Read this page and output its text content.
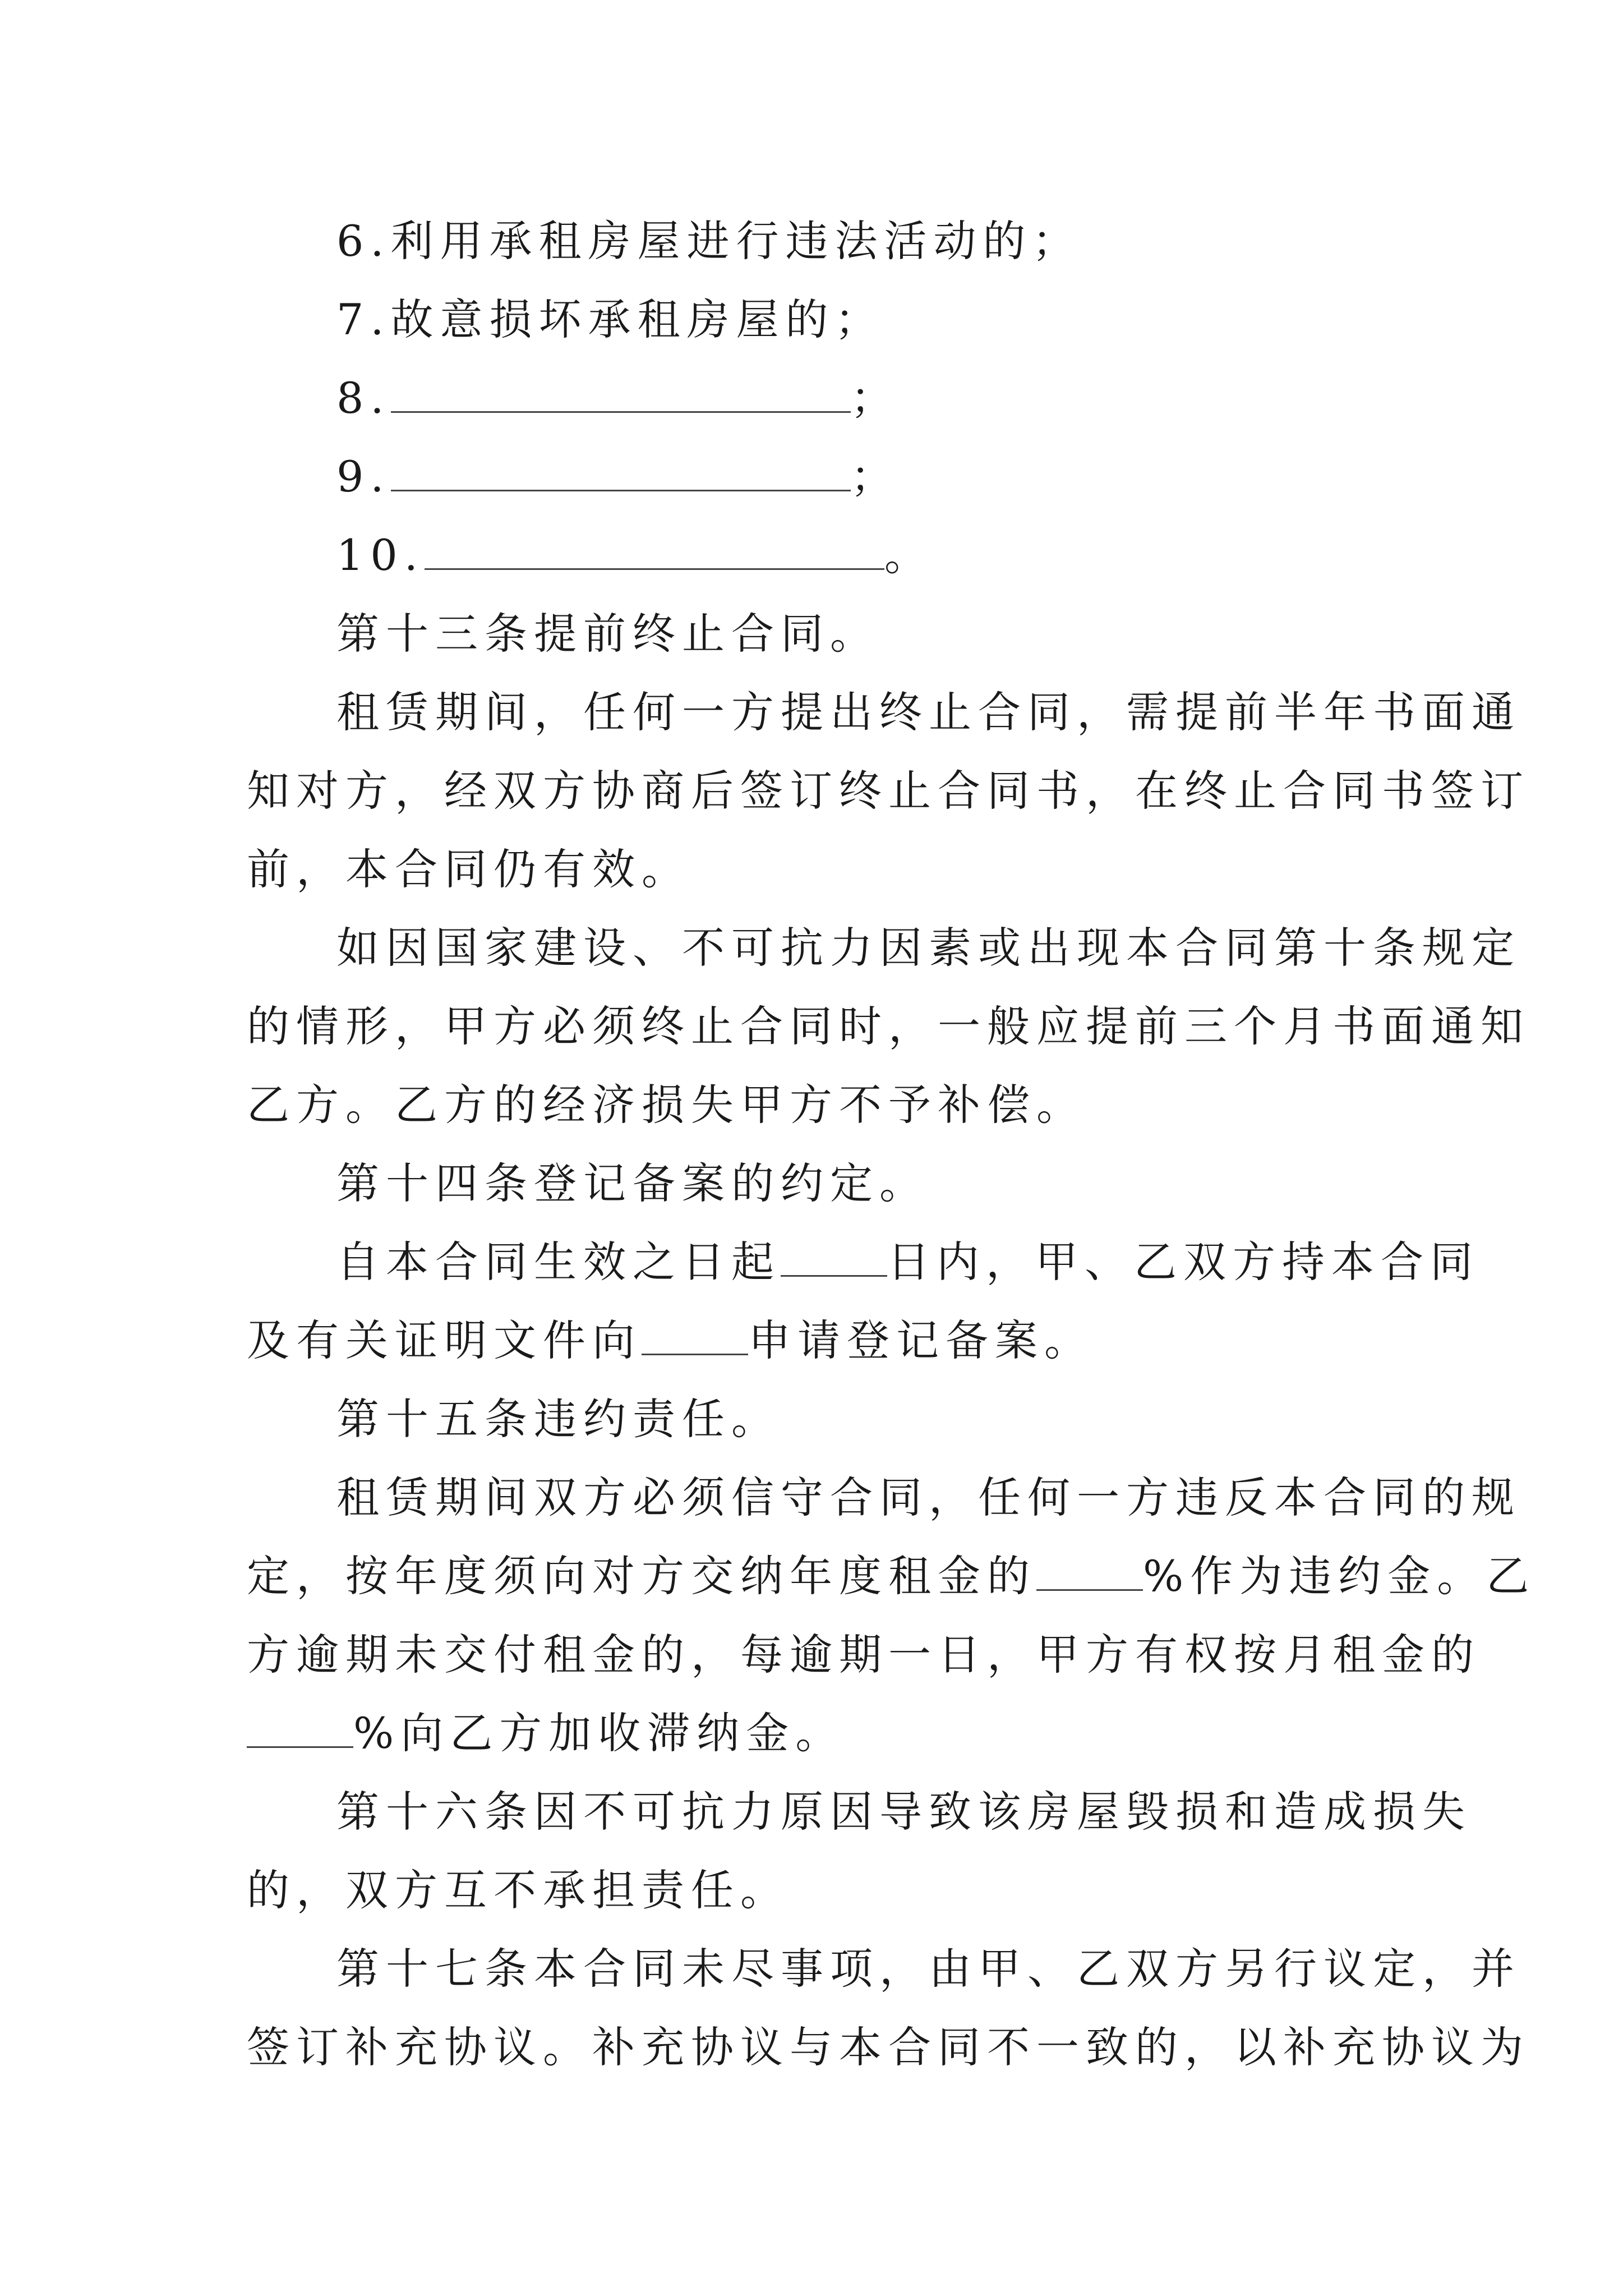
6.利用承租房屋进行违法活动的；
7.故意损坏承租房屋的；
8.	；
9.	；
10.	。
第十三条提前终止合同。
租赁期间，任何一方提出终止合同，需提前半年书面通
知对方，经双方协商后签订终止合同书，在终止合同书签订
前，本合同仍有效。
如因国家建设、不可抗力因素或出现本合同第十条规定
的情形，甲方必须终止合同时，一般应提前三个月书面通知
乙方。乙方的经济损失甲方不予补偿。
第十四条登记备案的约定。
自本合同生效之日起	日内，甲、乙双方持本合同
及有关证明文件向	申请登记备案。
第十五条违约责任。
租赁期间双方必须信守合同，任何一方违反本合同的规
定，按年度须向对方交纳年度租金的	%作为违约金。乙
方逾期未交付租金的，每逾期一日，甲方有权按月租金的
%向乙方加收滞纳金。
第十六条因不可抗力原因导致该房屋毁损和造成损失
的，双方互不承担责任。
第十七条本合同未尽事项，由甲、乙双方另行议定，并
签订补充协议。补充协议与本合同不一致的，以补充协议为
